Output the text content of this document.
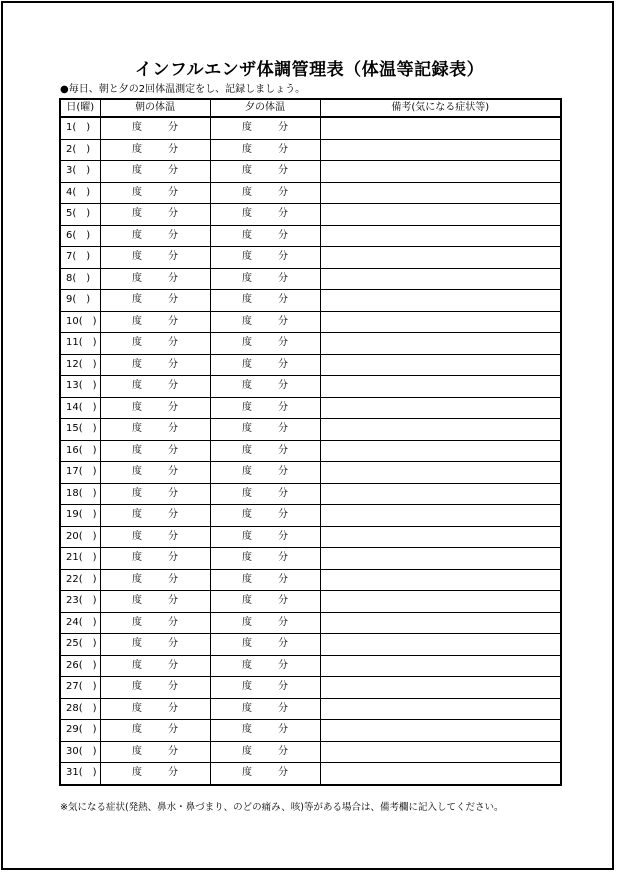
インフルエンザ体調管理表（体温等記録表）
●毎日、朝と夕の2回体温測定をし、記録しましょう。
日(曜)	朝の体温	夕の体温	備考(気になる症状等)
1(　)	度 分	度 分	
2(　)	度 分	度 分	
3(　)	度 分	度 分	
4(　)	度 分	度 分	
5(　)	度 分	度 分	
6(　)	度 分	度 分	
7(　)	度 分	度 分	
8(　)	度 分	度 分	
9(　)	度 分	度 分	
10(　)	度 分	度 分	
11(　)	度 分	度 分	
12(　)	度 分	度 分	
13(　)	度 分	度 分	
14(　)	度 分	度 分	
15(　)	度 分	度 分	
16(　)	度 分	度 分	
17(　)	度 分	度 分	
18(　)	度 分	度 分	
19(　)	度 分	度 分	
20(　)	度 分	度 分	
21(　)	度 分	度 分	
22(　)	度 分	度 分	
23(　)	度 分	度 分	
24(　)	度 分	度 分	
25(　)	度 分	度 分	
26(　)	度 分	度 分	
27(　)	度 分	度 分	
28(　)	度 分	度 分	
29(　)	度 分	度 分	
30(　)	度 分	度 分	
31(　)	度 分	度 分	
※気になる症状(発熱、鼻水・鼻づまり、のどの痛み、咳)等がある場合は、備考欄に記入してください。
